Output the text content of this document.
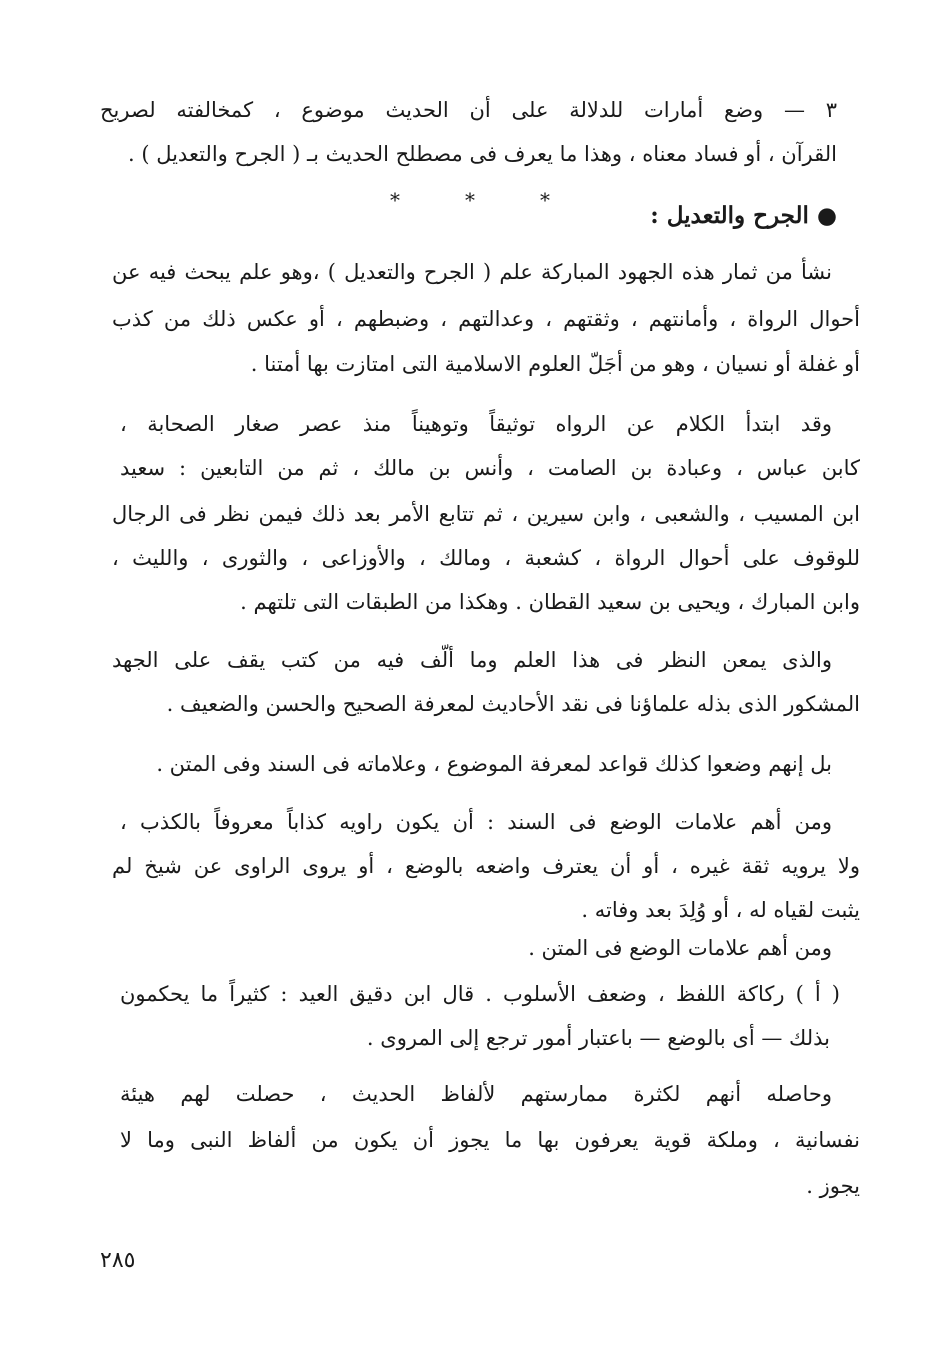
٣ — وضع أمارات للدلالة على أن الحديث موضوع ، كمخالفته لصريح
القرآن ، أو فساد معناه ، وهذا ما يعرف فى مصطلح الحديث بـ ( الجرح والتعديل ) .
*	*	*
● الجرح والتعديل :
نشأ من ثمار هذه الجهود المباركة علم ( الجرح والتعديل ) ،وهو علم يبحث فيه عن
أحوال الرواة ، وأمانتهم ، وثقتهم ، وعدالتهم ، وضبطهم ، أو عكس ذلك من كذب
أو غفلة أو نسيان ، وهو من أجَلّ العلوم الاسلامية التى امتازت بها أمتنا .
وقد ابتدأ الكلام عن الرواه توثيقاً وتوهيناً منذ عصر صغار الصحابة ،
كابن عباس ، وعبادة بن الصامت ، وأنس بن مالك ، ثم من التابعين : سعيد
ابن المسيب ، والشعبى ، وابن سيرين ، ثم تتابع الأمر بعد ذلك فيمن نظر فى الرجال
للوقوف على أحوال الرواة ، كشعبة ، ومالك ، والأوزاعى ، والثورى ، والليث ،
وابن المبارك ، ويحيى بن سعيد القطان . وهكذا من الطبقات التى تلتهم .
والذى يمعن النظر فى هذا العلم وما ألّف فيه من كتب يقف على الجهد
المشكور الذى بذله علماؤنا فى نقد الأحاديث لمعرفة الصحيح والحسن والضعيف .
بل إنهم وضعوا كذلك قواعد لمعرفة الموضوع ، وعلاماته فى السند وفى المتن .
ومن أهم علامات الوضع فى السند : أن يكون راويه كذاباً معروفاً بالكذب ،
ولا يرويه ثقة غيره ، أو أن يعترف واضعه بالوضع ، أو يروى الراوى عن شيخ لم
يثبت لقياه له ، أو وُلِدَ بعد وفاته .
ومن أهم علامات الوضع فى المتن .
( أ ) ركاكة اللفظ ، وضعف الأسلوب . قال ابن دقيق العيد : كثيراً ما يحكمون
بذلك — أى بالوضع — باعتبار أمور ترجع إلى المروى .
وحاصله أنهم لكثرة ممارستهم لألفاظ الحديث ، حصلت لهم هيئة
نفسانية ، وملكة قوية يعرفون بها ما يجوز أن يكون من ألفاظ النبى وما لا
يجوز .
٢٨٥
